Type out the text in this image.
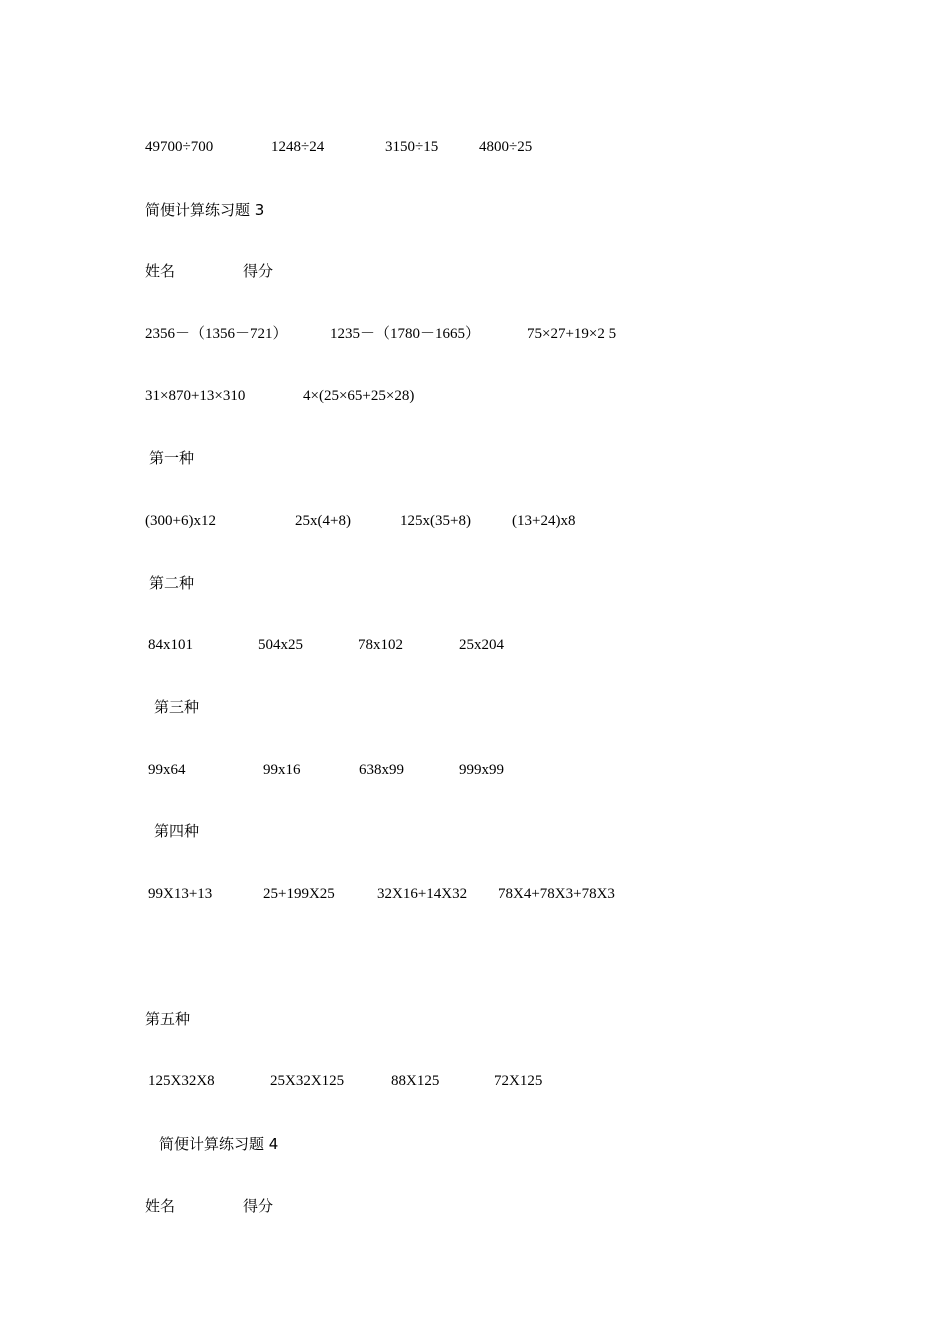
49700÷700	1248÷24	3150÷15	4800÷25
简便计算练习题 3
姓名	得分
2356－（1356－721）	1235－（1780－1665）	75×27+19×2 5
31×870+13×310	4×(25×65+25×28)
第一种
(300+6)x12	25x(4+8)	125x(35+8)	(13+24)x8
第二种
84x101	504x25	78x102	25x204
第三种
99x64	99x16	638x99	999x99
第四种
99X13+13	25+199X25	32X16+14X32 78X4+78X3+78X3
第五种
125X32X8	25X32X125	88X125	72X125
简便计算练习题 4
姓名	得分
